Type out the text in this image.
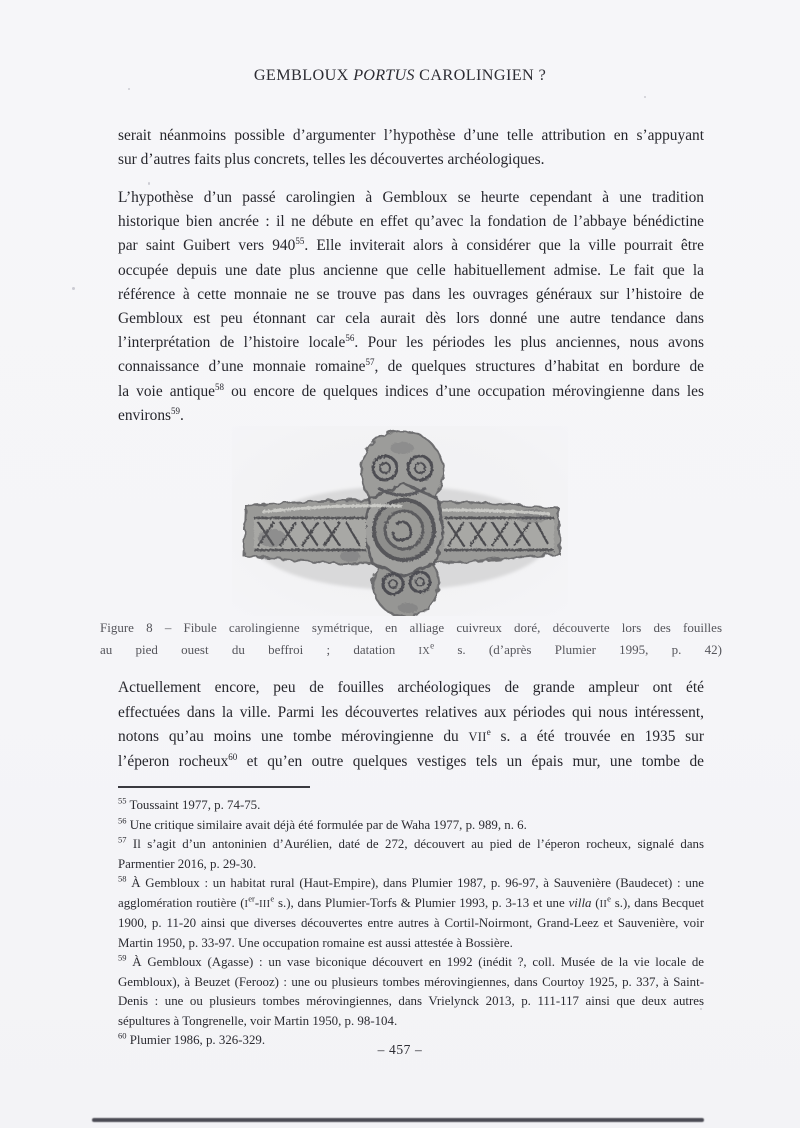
GEMBLOUX PORTUS CAROLINGIEN ?
serait néanmoins possible d’argumenter l’hypothèse d’une telle attribution en s’appuyant
sur d’autres faits plus concrets, telles les découvertes archéologiques.
L’hypothèse d’un passé carolingien à Gembloux se heurte cependant à une tradition
historique bien ancrée : il ne débute en effet qu’avec la fondation de l’abbaye bénédictine
par saint Guibert vers $940^{55}$. Elle inviterait alors à considérer que la ville pourrait être
occupée depuis une date plus ancienne que celle habituellement admise. Le fait que la
référence à cette monnaie ne se trouve pas dans les ouvrages généraux sur l’histoire de
Gembloux est peu étonnant car cela aurait dès lors donné une autre tendance dans
l’interprétation de l’histoire locale$^{56}$. Pour les périodes les plus anciennes, nous avons
connaissance d’une monnaie romaine$^{57}$, de quelques structures d’habitat en bordure de
la voie antique$^{58}$ ou encore de quelques indices d’une occupation mérovingienne dans les
environs$^{59}$.
Figure 8 – Fibule carolingienne symétrique, en alliage cuivreux doré, découverte lors des fouilles
au pied ouest du beffroi ; datation IXe s. (d’après Plumier 1995, p. 42)
Actuellement encore, peu de fouilles archéologiques de grande ampleur ont été
effectuées dans la ville. Parmi les découvertes relatives aux périodes qui nous intéressent,
notons qu’au moins une tombe mérovingienne du VIIe s. a été trouvée en 1935 sur
l’éperon rocheux$^{60}$ et qu’en outre quelques vestiges tels un épais mur, une tombe de
$^{55}$ Toussaint 1977, p. 74-75.
$^{56}$ Une critique similaire avait déjà été formulée par de Waha 1977, p. 989, n. 6.
$^{57}$ Il s’agit d’un antoninien d’Aurélien, daté de 272, découvert au pied de l’éperon rocheux, signalé dans Parmentier 2016, p. 29-30.
$^{58}$ À Gembloux : un habitat rural (Haut-Empire), dans Plumier 1987, p. 96-97, à Sauvenière (Baudecet) : une agglomération routière (Ier-IIIe s.), dans Plumier-Torfs & Plumier 1993, p. 3-13 et une villa (IIe s.), dans Becquet 1900, p. 11-20 ainsi que diverses découvertes entre autres à Cortil-Noirmont, Grand-Leez et Sauvenière, voir Martin 1950, p. 33-97. Une occupation romaine est aussi attestée à Bossière.
$^{59}$ À Gembloux (Agasse) : un vase biconique découvert en 1992 (inédit ?, coll. Musée de la vie locale de Gembloux), à Beuzet (Ferooz) : une ou plusieurs tombes mérovingiennes, dans Courtoy 1925, p. 337, à Saint-Denis : une ou plusieurs tombes mérovingiennes, dans Vrielynck 2013, p. 111-117 ainsi que deux autres sépultures à Tongrenelle, voir Martin 1950, p. 98-104.
$^{60}$ Plumier 1986, p. 326-329.
– 457 –
